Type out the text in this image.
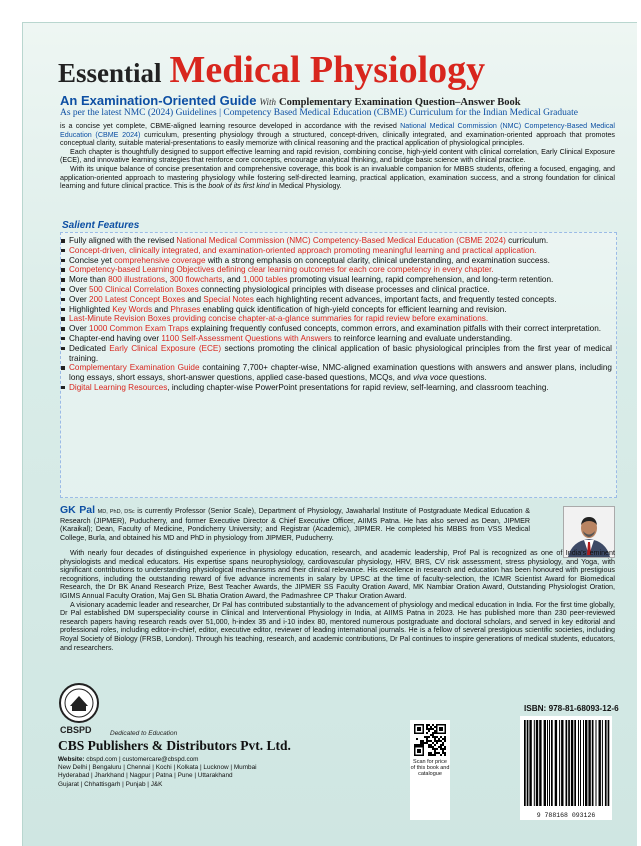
Essential Medical Physiology
An Examination-Oriented Guide With Complementary Examination Question–Answer Book
As per the latest NMC (2024) Guidelines | Competency Based Medical Education (CBME) Curriculum for the Indian Medical Graduate

is a concise yet complete, CBME-aligned learning resource developed in accordance with the revised National Medical Commission (NMC) Competency-Based Medical Education (CBME 2024) curriculum, presenting physiology through a structured, concept-driven, clinically integrated, and examination-oriented approach that promotes conceptual clarity, suitable material-presentations to easily memorize with clinical reasoning and the practical application of physiological principles.

Each chapter is thoughtfully designed to support effective learning and rapid revision, combining concise, high-yield content with clinical correlation, Early Clinical Exposure (ECE), and innovative learning strategies that reinforce core concepts, encourage analytical thinking, and bridge basic science with clinical practice.

With its unique balance of concise presentation and comprehensive coverage, this book is an invaluable companion for MBBS students, offering a focused, engaging, and application-oriented approach to mastering physiology while fostering self-directed learning, practical application, examination success, and a strong foundation for clinical learning and future clinical practice. This is the book of its first kind in Medical Physiology.

Salient Features
Fully aligned with the revised National Medical Commission (NMC) Competency-Based Medical Education (CBME 2024) curriculum.
Concept-driven, clinically integrated, and examination-oriented approach promoting meaningful learning and practical application.
Concise yet comprehensive coverage with a strong emphasis on conceptual clarity, clinical understanding, and examination success.
Competency-based Learning Objectives defining clear learning outcomes for each core competency in every chapter.
More than 800 illustrations, 300 flowcharts, and 1,000 tables promoting visual learning, rapid comprehension, and long-term retention.
Over 500 Clinical Correlation Boxes connecting physiological principles with disease processes and clinical practice.
Over 200 Latest Concept Boxes and Special Notes each highlighting recent advances, important facts, and frequently tested concepts.
Highlighted Key Words and Phrases enabling quick identification of high-yield concepts for efficient learning and revision.
Last-Minute Revision Boxes providing concise chapter-at-a-glance summaries for rapid review before examinations.
Over 1000 Common Exam Traps explaining frequently confused concepts, common errors, and examination pitfalls with their correct interpretation.
Chapter-end having over 1100 Self-Assessment Questions with Answers to reinforce learning and evaluate understanding.
Dedicated Early Clinical Exposure (ECE) sections promoting the clinical application of basic physiological principles from the first year of medical training.
Complementary Examination Guide containing 7,700+ chapter-wise, NMC-aligned examination questions with answers and answer plans, including long essays, short essays, short-answer questions, applied case-based questions, MCQs, and viva voce questions.
Digital Learning Resources, including chapter-wise PowerPoint presentations for rapid review, self-learning, and classroom teaching.
GK Pal MD, PhD, DSc is currently Professor (Senior Scale), Department of Physiology, Jawaharlal Institute of Postgraduate Medical Education & Research (JIPMER), Puducherry, and former Executive Director & Chief Executive Officer, AIIMS Patna. He has also served as Dean, JIPMER (Karaikal); Dean, Faculty of Medicine, Pondicherry University; and Registrar (Academic), JIPMER. He completed his MBBS from VSS Medical College, Burla, and obtained his MD and PhD in physiology from JIPMER, Puducherry.

With nearly four decades of distinguished experience in physiology education, research, and academic leadership, Prof Pal is recognized as one of India's eminent physiologists and medical educators. His expertise spans neurophysiology, cardiovascular physiology, HRV, BRS, CV risk assessment, stress physiology, and Yoga, with significant contributions to understanding physiological mechanisms and their clinical relevance. His excellence in research and education has been honoured with prestigious recognitions, including the outstanding reward of five advance increments in salary by UPSC at the time of faculty-selection, the ICMR Scientist Award for Biomedical Research, the Dr BK Anand Research Prize, Best Teacher Awards, the JIPMER SS Faculty Oration Award, MK Nambiar Oration Award, Outstanding Physiologist Oration, IGIMS Annual Faculty Oration, Maj Gen SL Bhatia Oration Award, the Padmashree CP Thakur Oration Award.

A visionary academic leader and researcher, Dr Pal has contributed substantially to the advancement of physiology and medical education in India. For the first time globally, Dr Pal established DM superspeciality course in Clinical and Interventional Physiology in India, at AIIMS Patna in 2023. He has published more than 230 peer-reviewed research papers having research reads over 51,000, h-index 35 and i-10 index 80, mentored numerous postgraduate and doctoral scholars, and served in key editorial and professional roles, including editor-in-chief, editor, executive editor, reviewer of leading international journals. He is a fellow of several prestigious scientific societies, including Royal Society of Biology (FRSB, London). Through his teaching, research, and academic contributions, Dr Pal continues to inspire generations of medical students, educators, and researchers.

CBSPD	Dedicated to Education
CBS Publishers & Distributors Pvt. Ltd.
Website: cbspd.com | customercare@cbspd.com
New Delhi | Bengaluru | Chennai | Kochi | Kolkata | Lucknow | Mumbai
Hyderabad | Jharkhand | Nagpur | Patna | Pune | Uttarakhand
Gujarat | Chhattisgarh | Punjab | J&K
Scan for price of this book and catalogue
ISBN: 978-81-68093-12-6
9 788168 093126
